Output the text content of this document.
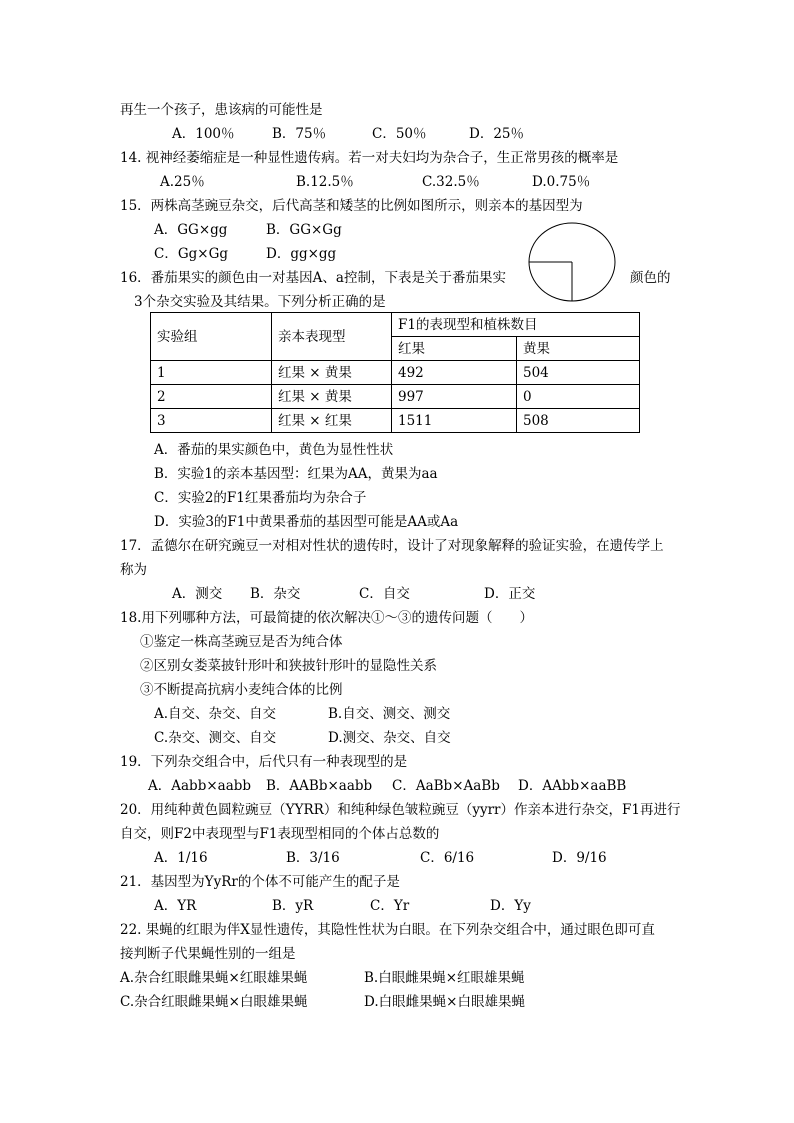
再生一个孩子，患该病的可能性是
A．100％	B．75％	C．50％	D．25％
14. 视神经萎缩症是一种显性遗传病。若一对夫妇均为杂合子，生正常男孩的概率是
A.25％	B.12.5％	C.32.5％	D.0.75％
15．两株高茎豌豆杂交，后代高茎和矮茎的比例如图所示，则亲本的基因型为
A．GG×gg	B．GG×Gg
C．Gg×Gg	D．gg×gg
16．番茄果实的颜色由一对基因A、a控制，下表是关于番茄果实	颜色的
3个杂交实验及其结果。下列分析正确的是
实验组	亲本表现型	F1的表现型和植株数目	
		红果	黄果
1	红果 × 黄果	492	504
2	红果 × 黄果	997	0
3	红果 × 红果	1511	508
A．番茄的果实颜色中，黄色为显性性状
B．实验1的亲本基因型：红果为AA，黄果为aa
C．实验2的F1红果番茄均为杂合子
D．实验3的F1中黄果番茄的基因型可能是AA或Aa
17．孟德尔在研究豌豆一对相对性状的遗传时，设计了对现象解释的验证实验，在遗传学上
称为
A．测交 B．杂交	C．自交	D．正交
18.用下列哪种方法，可最简捷的依次解决①～③的遗传问题（　　）
①鉴定一株高茎豌豆是否为纯合体
②区别女娄菜披针形叶和狭披针形叶的显隐性关系
③不断提高抗病小麦纯合体的比例
A.自交、杂交、自交	B.自交、测交、测交
C.杂交、测交、自交	D.测交、杂交、自交
19．下列杂交组合中，后代只有一种表现型的是
A．Aabb×aabb B．AABb×aabb C．AaBb×AaBb D．AAbb×aaBB
20．用纯种黄色圆粒豌豆（YYRR）和纯种绿色皱粒豌豆（yyrr）作亲本进行杂交，F1再进行
自交，则F2中表现型与F1表现型相同的个体占总数的
A．1/16	B．3/16	C．6/16	D．9/16
21．基因型为YyRr的个体不可能产生的配子是
A．YR	B．yR	C．Yr	D．Yy
22. 果蝇的红眼为伴X显性遗传，其隐性性状为白眼。在下列杂交组合中，通过眼色即可直
接判断子代果蝇性别的一组是
A.杂合红眼雌果蝇×红眼雄果蝇	B.白眼雌果蝇×红眼雄果蝇
C.杂合红眼雌果蝇×白眼雄果蝇	D.白眼雌果蝇×白眼雄果蝇
